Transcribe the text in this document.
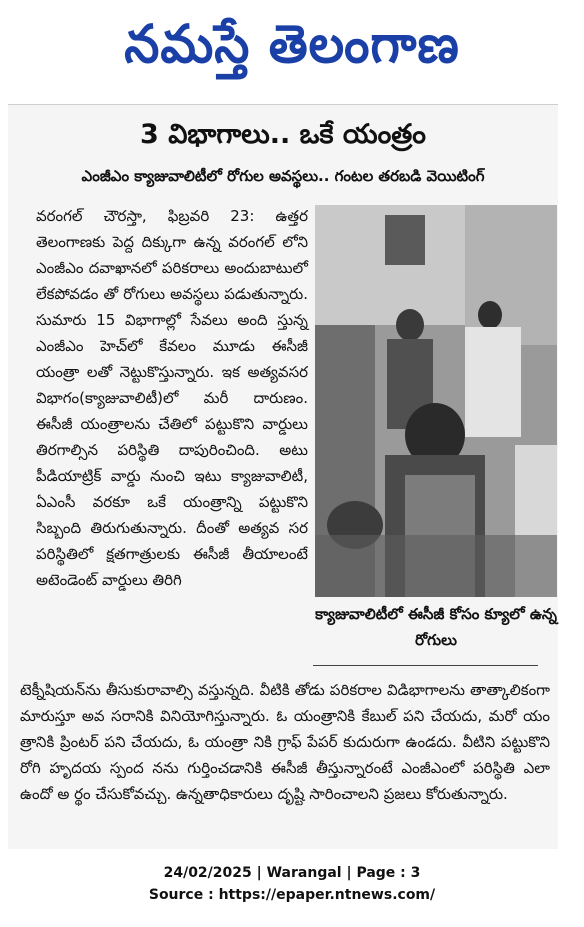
నమస్తే తెలంగాణ
3 విభాగాలు.. ఒకే యంత్రం
ఎంజీఎం క్యాజువాలిటీలో రోగుల అవస్థలు.. గంటల తరబడి వెయిటింగ్

వరంగల్ చౌరస్తా, ఫిబ్రవరి 23: ఉత్తర తెలంగాణకు పెద్ద దిక్కుగా ఉన్న వరంగల్ లోని ఎంజీఎం దవాఖానలో పరికరాలు అందుబాటులో లేకపోవడం తో రోగులు అవస్థలు పడుతున్నారు. సుమారు 15 విభాగాల్లో సేవలు అంది స్తున్న ఎంజీఎం హెచ్‌లో కేవలం మూడు ఈసీజీ యంత్రా లతో నెట్టుకొస్తున్నారు. ఇక అత్యవసర విభాగం(క్యాజువాలిటీ)లో మరీ దారుణం. ఈసీజీ యంత్రాలను చేతిలో పట్టుకొని వార్డులు తిరగాల్సిన పరిస్థితి దాపురించింది. అటు పీడియాట్రిక్ వార్డు నుంచి ఇటు క్యాజువాలిటీ, ఏఎంసీ వరకూ ఒకే యంత్రాన్ని పట్టుకొని సిబ్బంది తిరుగుతున్నారు. దీంతో అత్యవ సర పరిస్థితిలో క్షతగాత్రులకు ఈసీజీ తీయాలంటే అటెండెంట్ వార్డులు తిరిగి

క్యాజువాలిటీలో ఈసీజీ కోసం క్యూలో ఉన్న రోగులు

టెక్నీషియన్‌ను తీసుకురావాల్సి వస్తున్నది. వీటికి తోడు పరికరాల విడిభాగాలను తాత్కాలికంగా మారుస్తూ అవ సరానికి వినియోగిస్తున్నారు. ఓ యంత్రానికి కేబుల్ పని చేయదు, మరో యం త్రానికి ప్రింటర్ పని చేయదు, ఓ యంత్రా నికి గ్రాఫ్ పేపర్ కుదురుగా ఉండదు. వీటిని పట్టుకొని రోగి హృదయ స్పంద నను గుర్తించడానికి ఈసీజీ తీస్తున్నారంటే ఎంజీఎంలో పరిస్థితి ఎలా ఉందో అ ర్థం చేసుకోవచ్చు. ఉన్నతాధికారులు దృష్టి సారించాలని ప్రజలు కోరుతున్నారు.

24/02/2025 | Warangal | Page : 3
Source : https://epaper.ntnews.com/
